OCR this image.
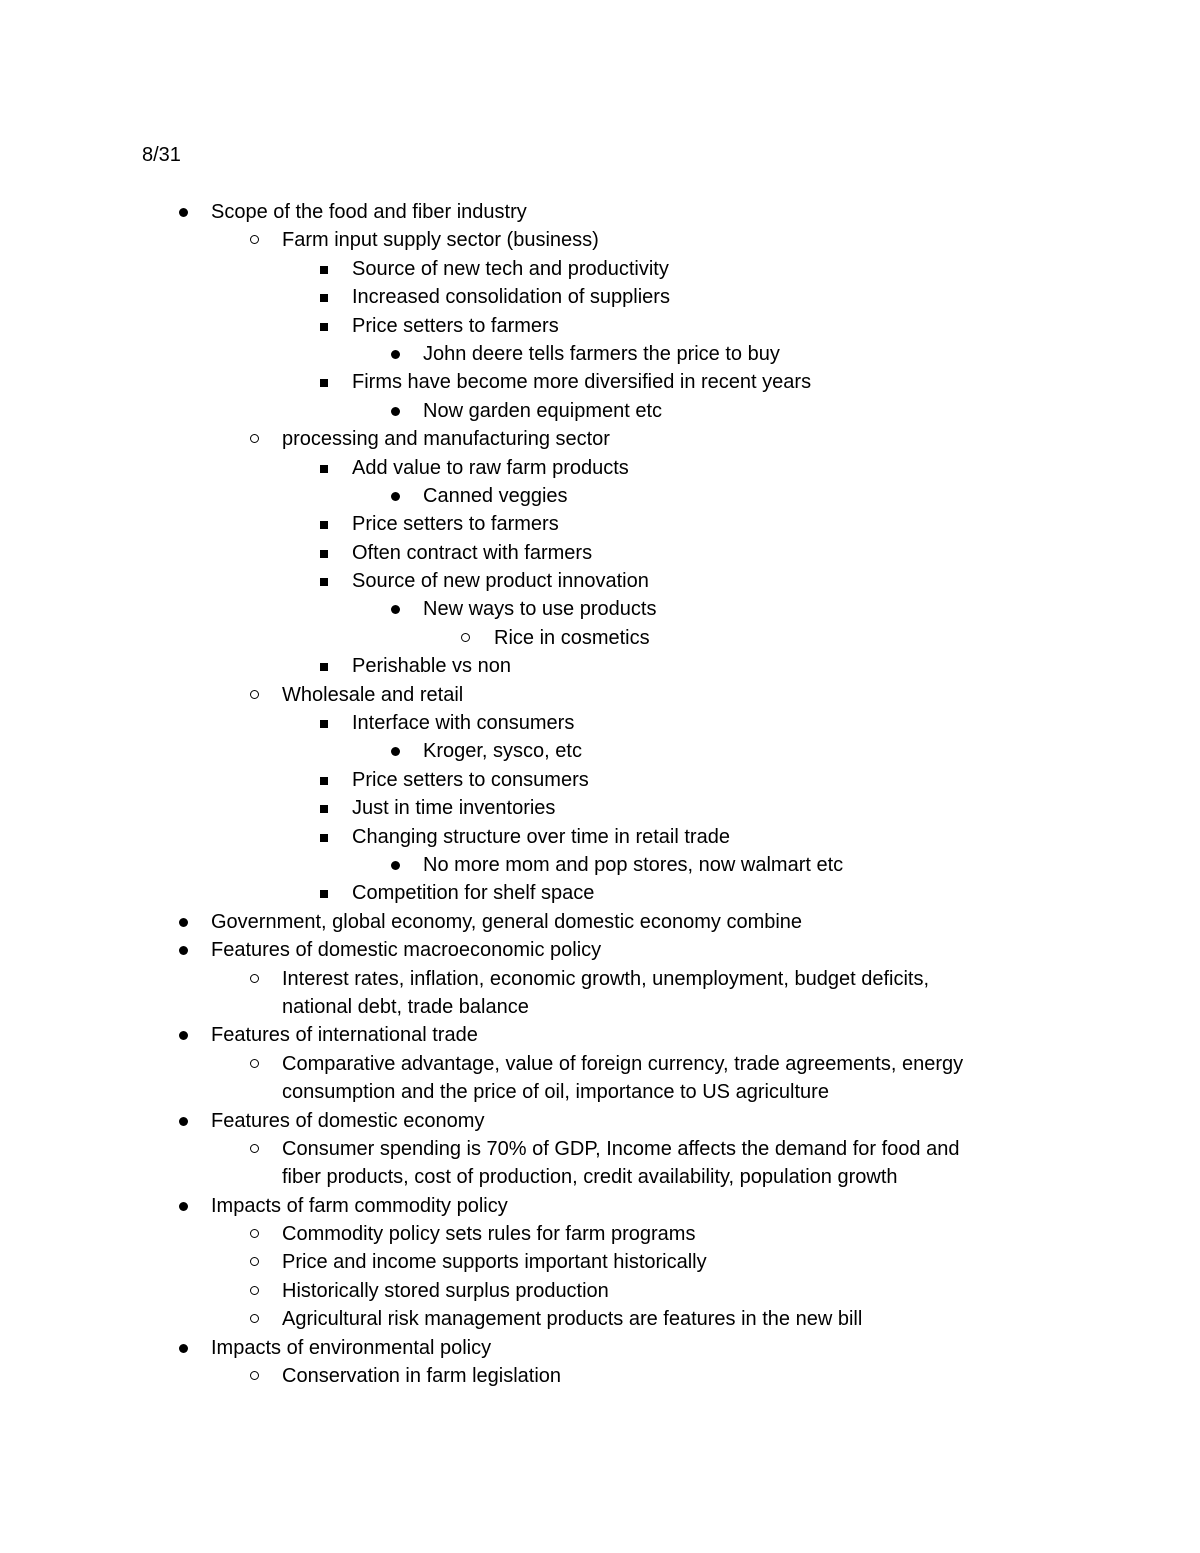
8/31
Scope of the food and fiber industry
Farm input supply sector (business)
Source of new tech and productivity
Increased consolidation of suppliers
Price setters to farmers
John deere tells farmers the price to buy
Firms have become more diversified in recent years
Now garden equipment etc
processing and manufacturing sector
Add value to raw farm products
Canned veggies
Price setters to farmers
Often contract with farmers
Source of new product innovation
New ways to use products
Rice in cosmetics
Perishable vs non
Wholesale and retail
Interface with consumers
Kroger, sysco, etc
Price setters to consumers
Just in time inventories
Changing structure over time in retail trade
No more mom and pop stores, now walmart etc
Competition for shelf space
Government, global economy, general domestic economy combine
Features of domestic macroeconomic policy
Interest rates, inflation, economic growth, unemployment, budget deficits,
national debt, trade balance
Features of international trade
Comparative advantage, value of foreign currency, trade agreements, energy
consumption and the price of oil, importance to US agriculture
Features of domestic economy
Consumer spending is 70% of GDP, Income affects the demand for food and
fiber products, cost of production, credit availability, population growth
Impacts of farm commodity policy
Commodity policy sets rules for farm programs
Price and income supports important historically
Historically stored surplus production
Agricultural risk management products are features in the new bill
Impacts of environmental policy
Conservation in farm legislation
